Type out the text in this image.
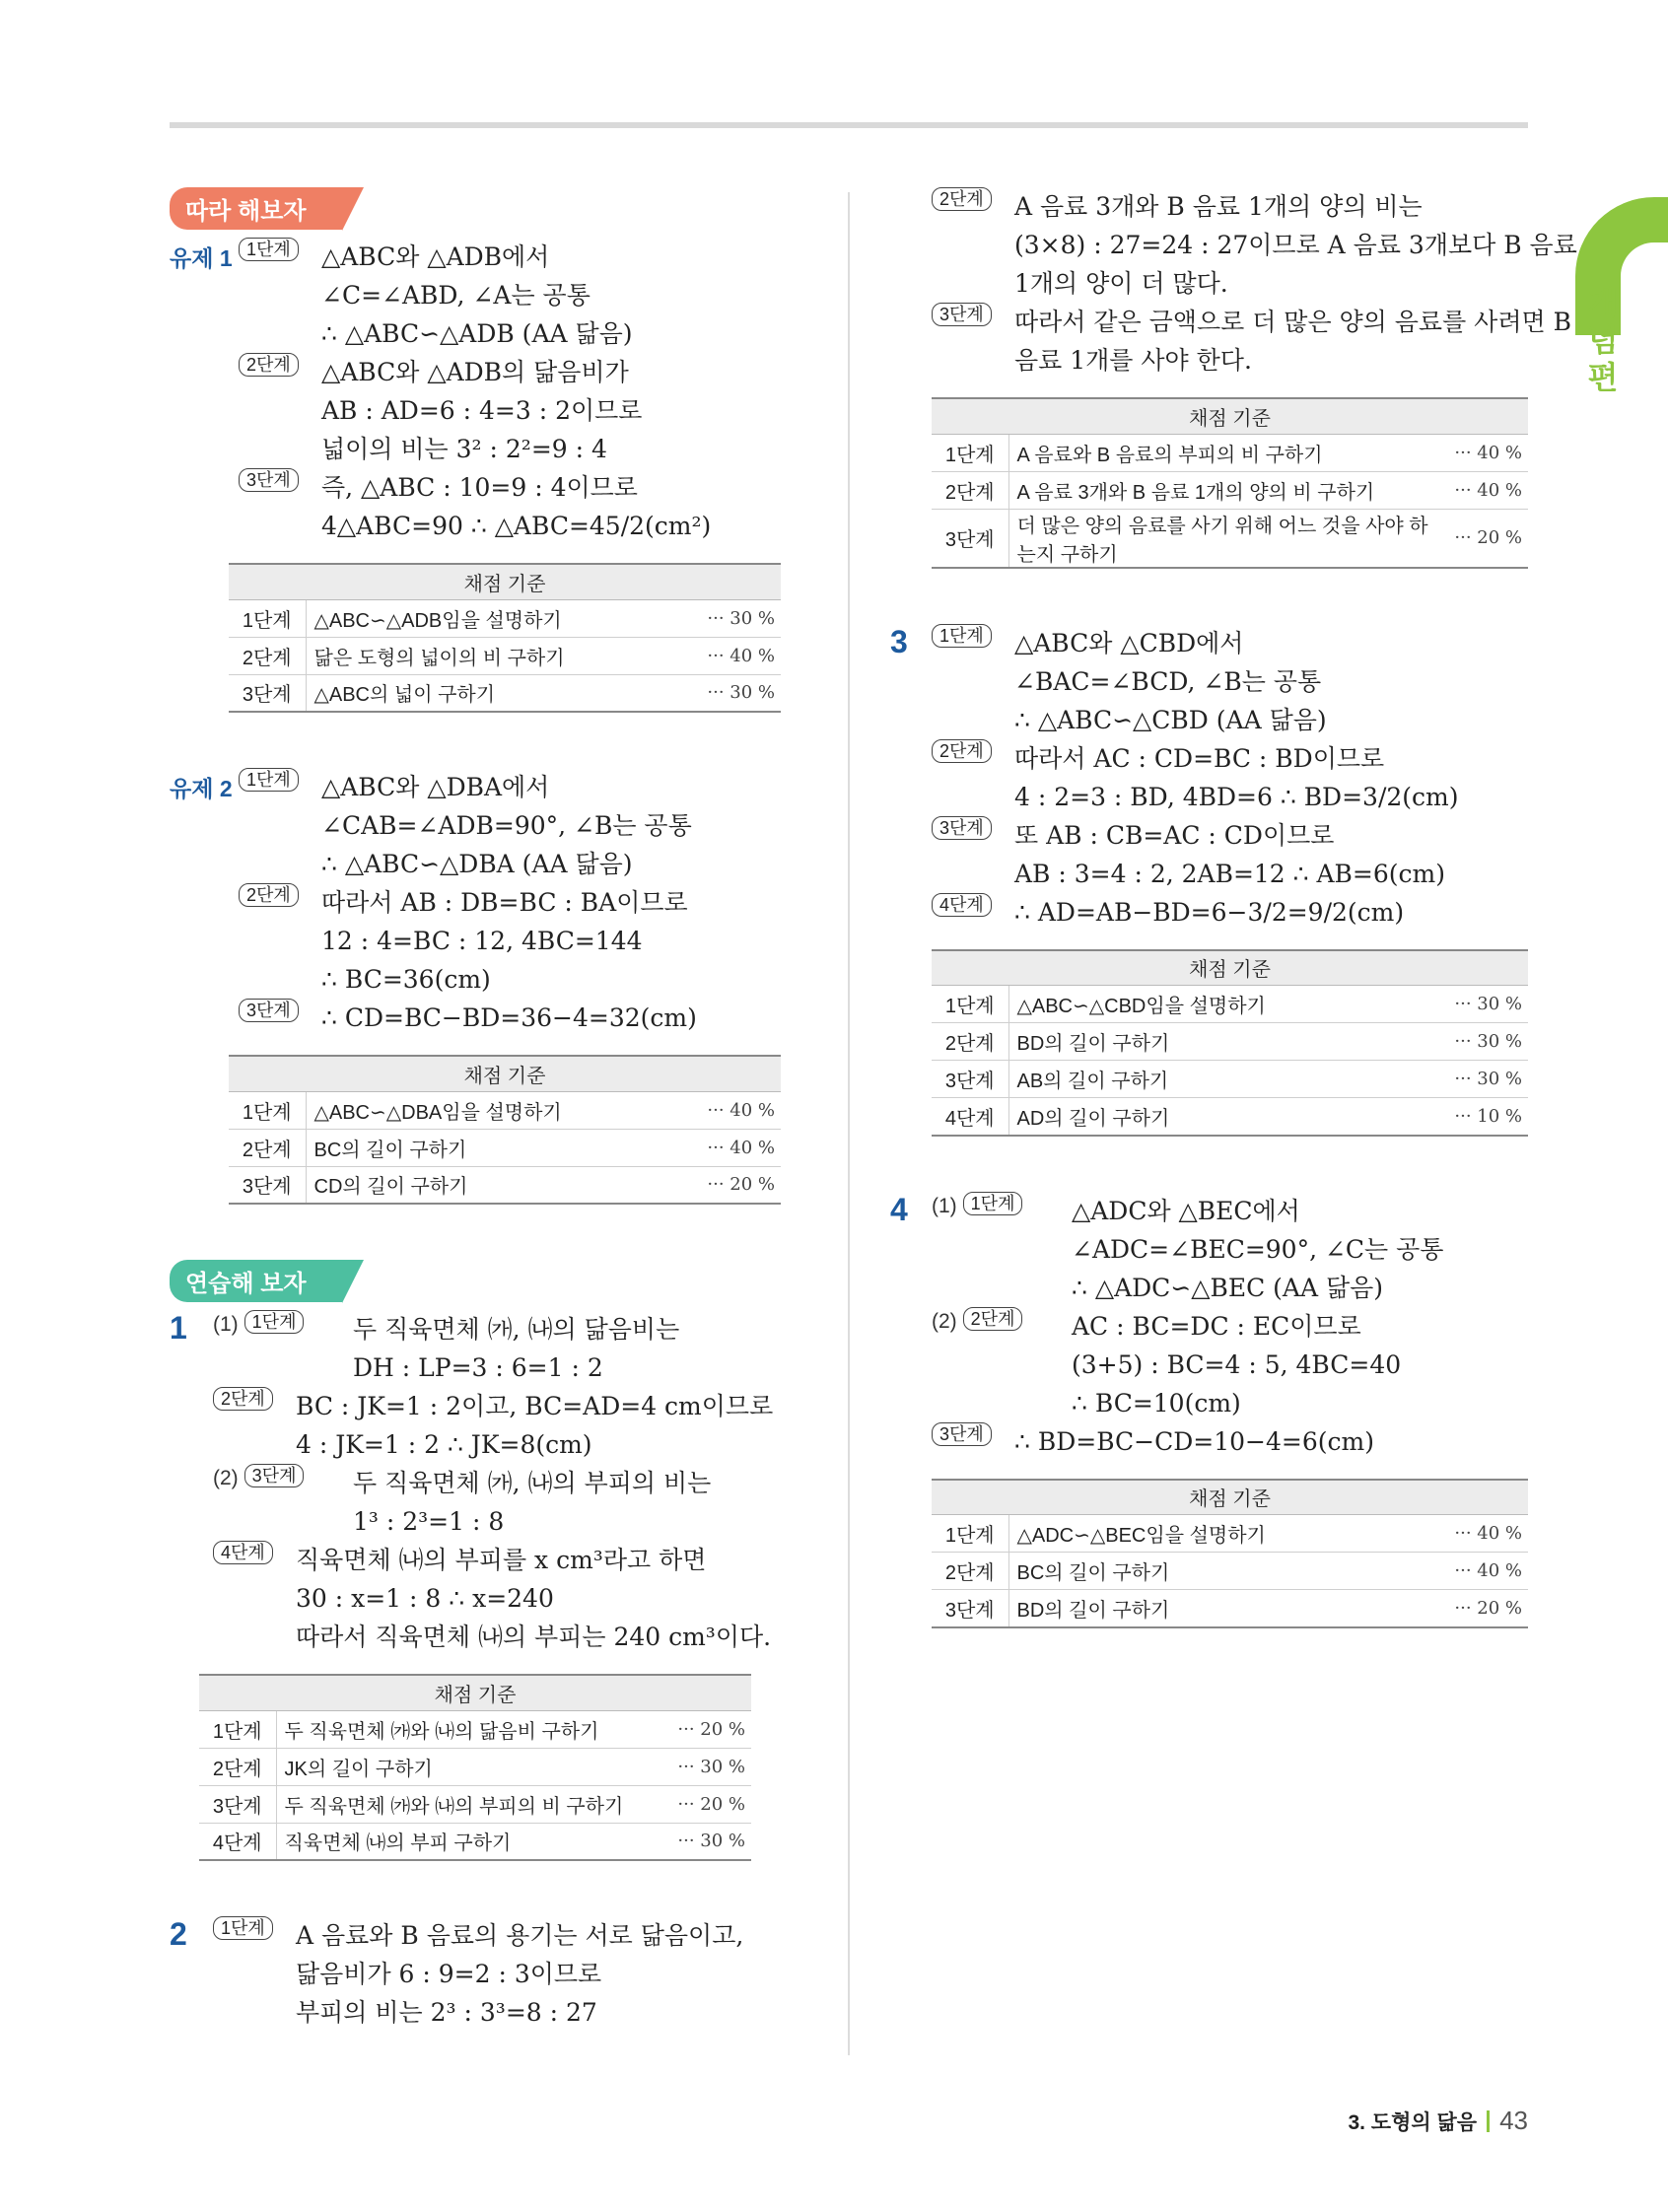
개
념
편
따라 해보자
유제 1 1단계	△ABC와 △ADB에서
∠C=∠ABD, ∠A는 공통
∴ △ABC∽△ADB (AA 닮음)
2단계	△ABC와 △ADB의 닮음비가
AB : AD=6 : 4=3 : 2이므로
넓이의 비는 3² : 2²=9 : 4
3단계	즉, △ABC : 10=9 : 4이므로
4△ABC=90 ∴ △ABC=45/2(cm²)
채점 기준		
1단계	△ABC∽△ADB임을 설명하기	··· 30 %
2단계	닮은 도형의 넓이의 비 구하기	··· 40 %
3단계	△ABC의 넓이 구하기	··· 30 %
유제 2 1단계	△ABC와 △DBA에서
∠CAB=∠ADB=90°, ∠B는 공통
∴ △ABC∽△DBA (AA 닮음)
2단계	따라서 AB : DB=BC : BA이므로
12 : 4=BC : 12, 4BC=144
∴ BC=36(cm)
3단계	∴ CD=BC−BD=36−4=32(cm)
채점 기준		
1단계	△ABC∽△DBA임을 설명하기	··· 40 %
2단계	BC의 길이 구하기	··· 40 %
3단계	CD의 길이 구하기	··· 20 %
연습해 보자
1 (1) 1단계	두 직육면체 ㈎, ㈏의 닮음비는
DH : LP=3 : 6=1 : 2
2단계	BC : JK=1 : 2이고, BC=AD=4 cm이므로
4 : JK=1 : 2 ∴ JK=8(cm)
(2) 3단계	두 직육면체 ㈎, ㈏의 부피의 비는
1³ : 2³=1 : 8
4단계	직육면체 ㈏의 부피를 x cm³라고 하면
30 : x=1 : 8 ∴ x=240
따라서 직육면체 ㈏의 부피는 240 cm³이다.
채점 기준		
1단계	두 직육면체 ㈎와 ㈏의 닮음비 구하기	··· 20 %
2단계	JK의 길이 구하기	··· 30 %
3단계	두 직육면체 ㈎와 ㈏의 부피의 비 구하기	··· 20 %
4단계	직육면체 ㈏의 부피 구하기	··· 30 %
2	1단계	A 음료와 B 음료의 용기는 서로 닮음이고,
닮음비가 6 : 9=2 : 3이므로
부피의 비는 2³ : 3³=8 : 27
2단계	A 음료 3개와 B 음료 1개의 양의 비는
(3×8) : 27=24 : 27이므로 A 음료 3개보다 B 음료
1개의 양이 더 많다.
3단계	따라서 같은 금액으로 더 많은 양의 음료를 사려면 B
음료 1개를 사야 한다.
채점 기준		
1단계	A 음료와 B 음료의 부피의 비 구하기	··· 40 %
2단계	A 음료 3개와 B 음료 1개의 양의 비 구하기	··· 40 %
3단계	더 많은 양의 음료를 사기 위해 어느 것을 사야 하는지 구하기	··· 20 %
3	1단계	△ABC와 △CBD에서
∠BAC=∠BCD, ∠B는 공통
∴ △ABC∽△CBD (AA 닮음)
2단계	따라서 AC : CD=BC : BD이므로
4 : 2=3 : BD, 4BD=6 ∴ BD=3/2(cm)
3단계	또 AB : CB=AC : CD이므로
AB : 3=4 : 2, 2AB=12 ∴ AB=6(cm)
4단계	∴ AD=AB−BD=6−3/2=9/2(cm)
채점 기준		
1단계	△ABC∽△CBD임을 설명하기	··· 30 %
2단계	BD의 길이 구하기	··· 30 %
3단계	AB의 길이 구하기	··· 30 %
4단계	AD의 길이 구하기	··· 10 %
4 (1) 1단계	△ADC와 △BEC에서
∠ADC=∠BEC=90°, ∠C는 공통
∴ △ADC∽△BEC (AA 닮음)
(2) 2단계	AC : BC=DC : EC이므로
(3+5) : BC=4 : 5, 4BC=40
∴ BC=10(cm)
3단계	∴ BD=BC−CD=10−4=6(cm)
채점 기준		
1단계	△ADC∽△BEC임을 설명하기	··· 40 %
2단계	BC의 길이 구하기	··· 40 %
3단계	BD의 길이 구하기	··· 20 %
3. 도형의 닮음 43
